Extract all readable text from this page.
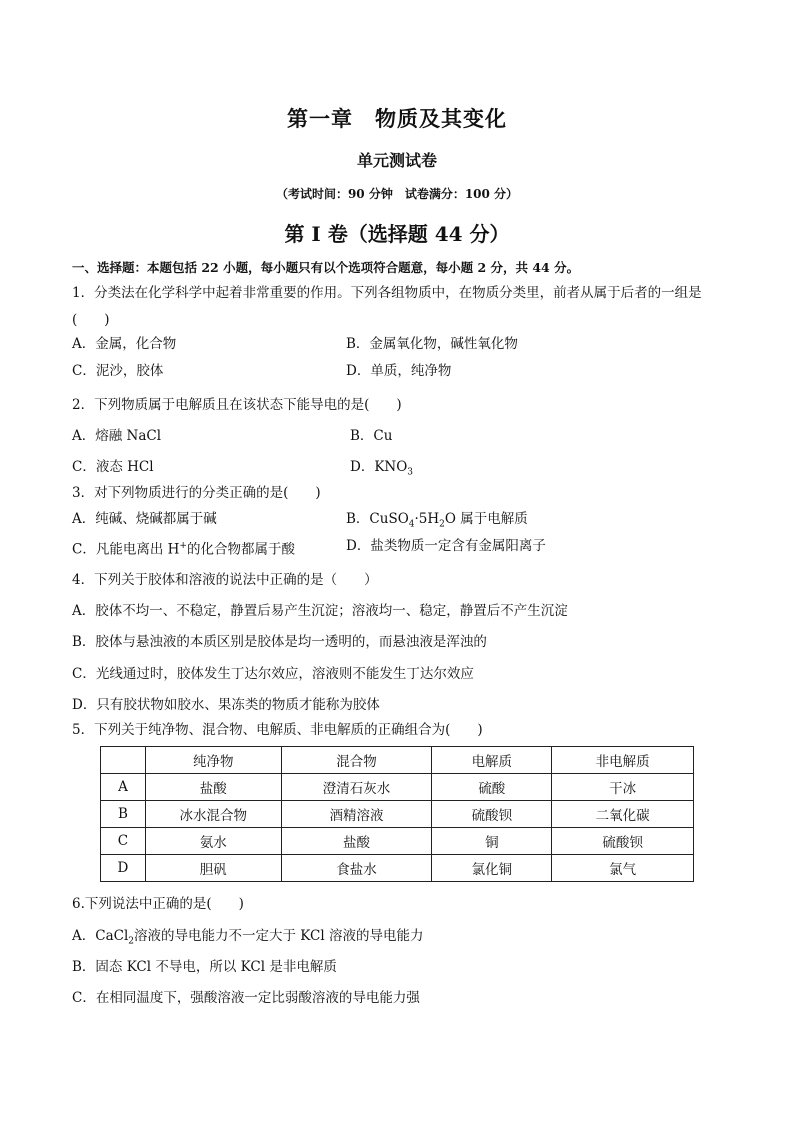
第一章　物质及其变化
单元测试卷
（考试时间：90 分钟　试卷满分：100 分）
第 I 卷（选择题 44 分）
一、选择题：本题包括 22 小题，每小题只有以个选项符合题意，每小题 2 分，共 44 分。
1．分类法在化学科学中起着非常重要的作用。下列各组物质中，在物质分类里，前者从属于后者的一组是
(　　)
A．金属，化合物	B．金属氧化物，碱性氧化物
C．泥沙，胶体	D．单质，纯净物
2．下列物质属于电解质且在该状态下能导电的是(　　)
A．熔融 NaCl	B．Cu
C．液态 HCl	D．$KNO_3$
3．对下列物质进行的分类正确的是(　　)
A．纯碱、烧碱都属于碱	B．$CuSO_4\cdot 5H_2O$ 属于电解质
C．凡能电离出 H+的化合物都属于酸	D．盐类物质一定含有金属阳离子
4．下列关于胶体和溶液的说法中正确的是（　　）
A．胶体不均一、不稳定，静置后易产生沉淀；溶液均一、稳定，静置后不产生沉淀
B．胶体与悬浊液的本质区别是胶体是均一透明的，而悬浊液是浑浊的
C．光线通过时，胶体发生丁达尔效应，溶液则不能发生丁达尔效应
D．只有胶状物如胶水、果冻类的物质才能称为胶体
5．下列关于纯净物、混合物、电解质、非电解质的正确组合为(　　)
	纯净物	混合物	电解质	非电解质
A	盐酸	澄清石灰水	硫酸	干冰
B	冰水混合物	酒精溶液	硫酸钡	二氧化碳
C	氨水	盐酸	铜	硫酸钡
D	胆矾	食盐水	氯化铜	氯气
6.下列说法中正确的是(　　)
A．CaCl$_2$溶液的导电能力不一定大于 KCl 溶液的导电能力
B．固态 KCl 不导电，所以 KCl 是非电解质
C．在相同温度下，强酸溶液一定比弱酸溶液的导电能力强
